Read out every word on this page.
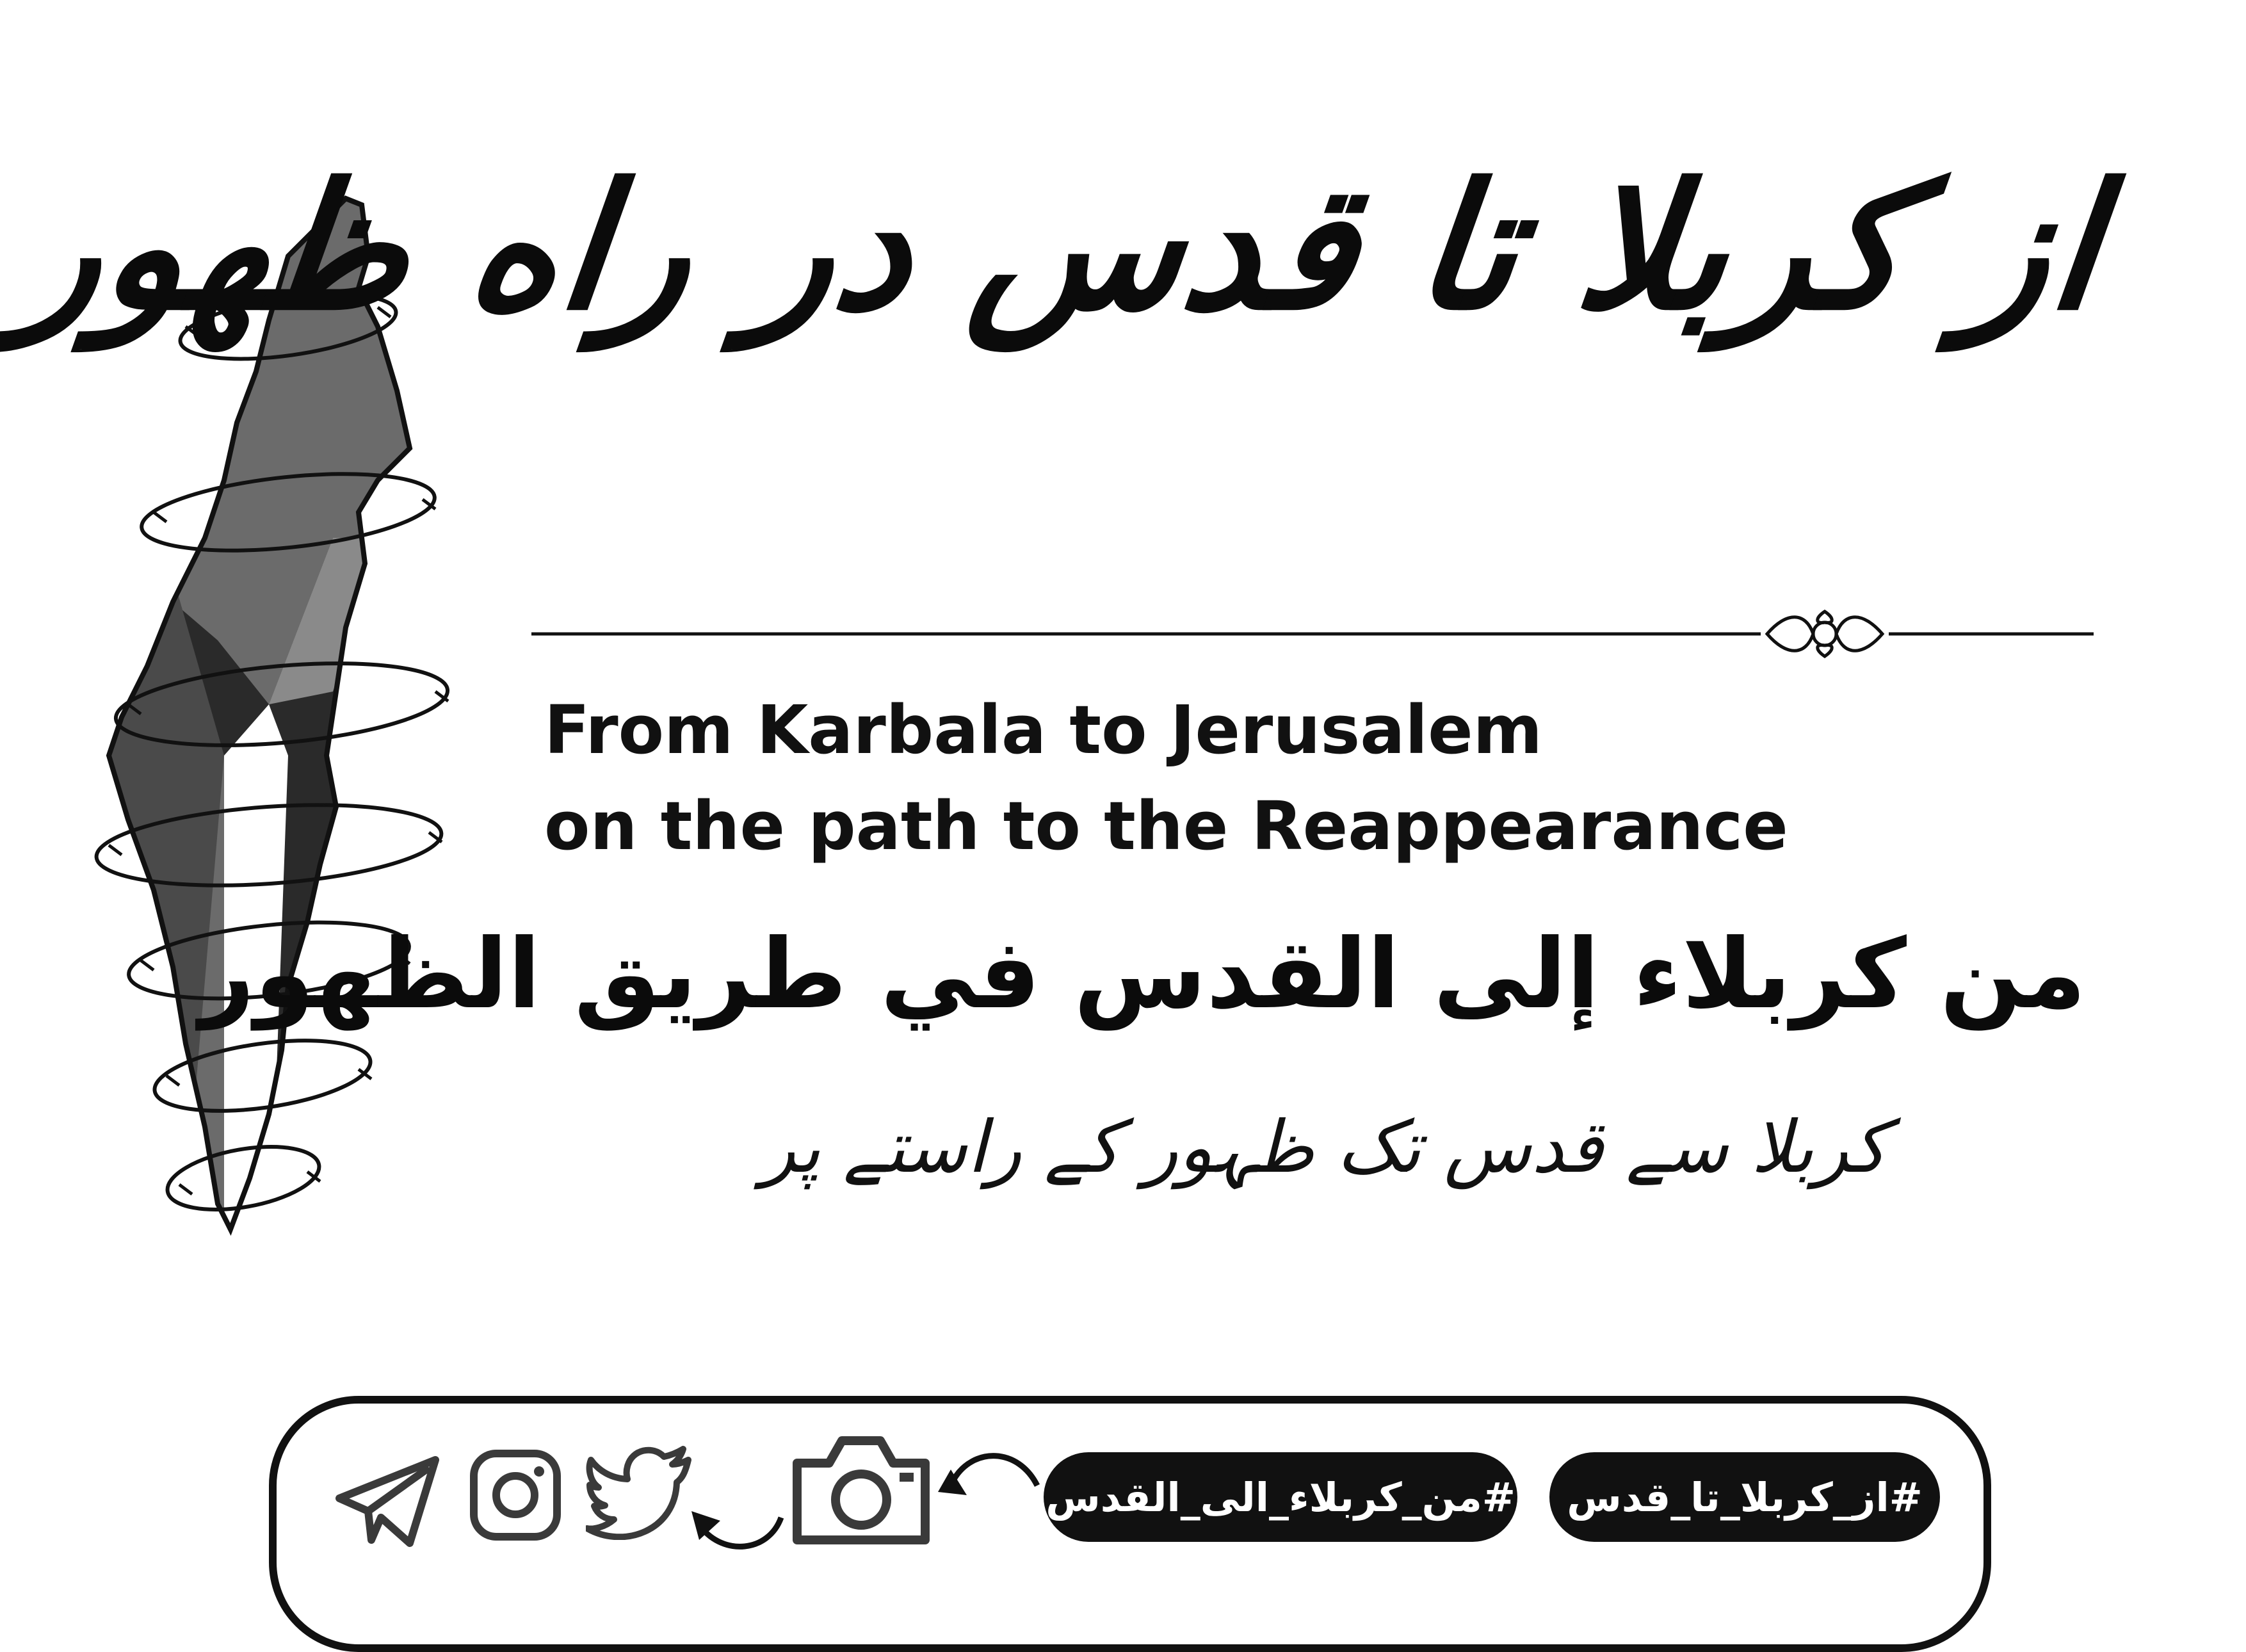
از کربلا تا قدس در راه ظهور
From Karbala to Jerusalem
on the path to the Reappearance
من كربلاء إلى القدس في طريق الظهور
کربلا سے قدس تک ظہور کے راستے پر
#من_کربلاء_الی_القدس	#از_کربلا_تا_قدس
